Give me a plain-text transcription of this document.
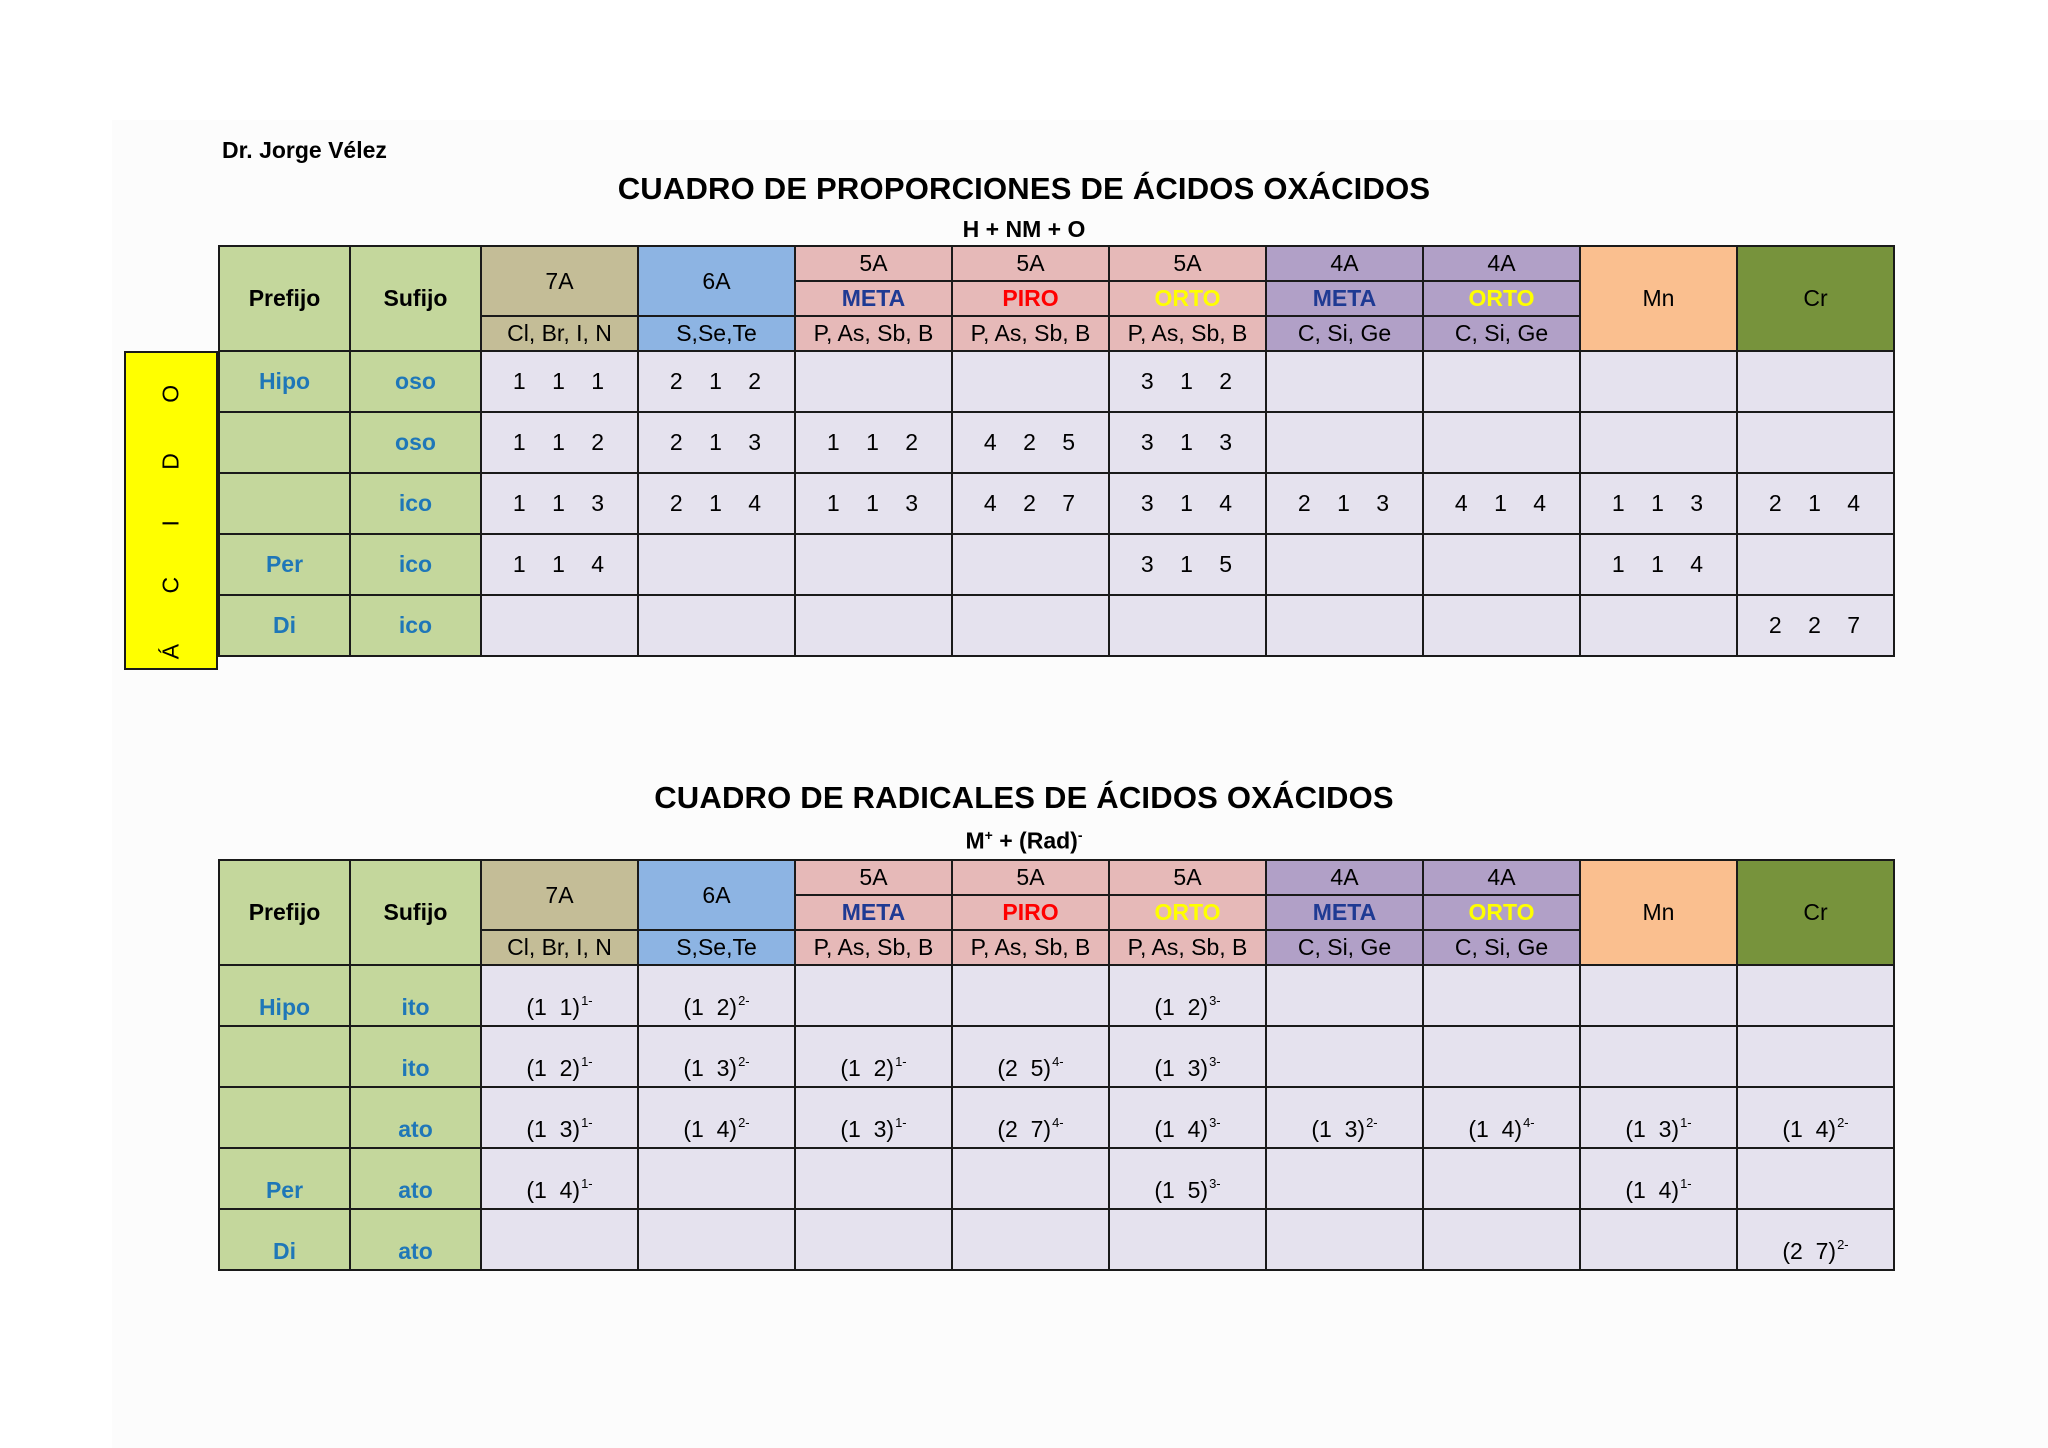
Dr. Jorge Vélez
CUADRO DE PROPORCIONES DE ÁCIDOS OXÁCIDOS
H + NM + O
Á C I D O
Prefijo	Sufijo	7A	6A	5A	5A	5A	4A	4A	Mn	Cr
				META	PIRO	ORTO	META	ORTO		
		Cl, Br, I, N	S,Se,Te	P, As, Sb, B	P, As, Sb, B	P, As, Sb, B	C, Si, Ge	C, Si, Ge		
Hipo	oso	1 1 1	2 1 2			3 1 2				
	oso	1 1 2	2 1 3	1 1 2	4 2 5	3 1 3				
	ico	1 1 3	2 1 4	1 1 3	4 2 7	3 1 4	2 1 3	4 1 4	1 1 3	2 1 4
Per	ico	1 1 4				3 1 5			1 1 4	
Di	ico									2 2 7
CUADRO DE RADICALES DE ÁCIDOS OXÁCIDOS
M+ + (Rad)-
Prefijo	Sufijo	7A	6A	5A	5A	5A	4A	4A	Mn	Cr
				META	PIRO	ORTO	META	ORTO		
		Cl, Br, I, N	S,Se,Te	P, As, Sb, B	P, As, Sb, B	P, As, Sb, B	C, Si, Ge	C, Si, Ge		
Hipo	ito	(1  1)$^{1-}$	(1  2)$^{2-}$			(1  2)$^{3-}$				
	ito	(1  2)$^{1-}$	(1  3)$^{2-}$	(1  2)$^{1-}$	(2  5)$^{4-}$	(1  3)$^{3-}$				
	ato	(1  3)$^{1-}$	(1  4)$^{2-}$	(1  3)$^{1-}$	(2  7)$^{4-}$	(1  4)$^{3-}$	(1  3)$^{2-}$	(1  4)$^{4-}$	(1  3)$^{1-}$	(1  4)$^{2-}$
Per	ato	(1  4)$^{1-}$				(1  5)$^{3-}$			(1  4)$^{1-}$	
Di	ato									(2  7)$^{2-}$
